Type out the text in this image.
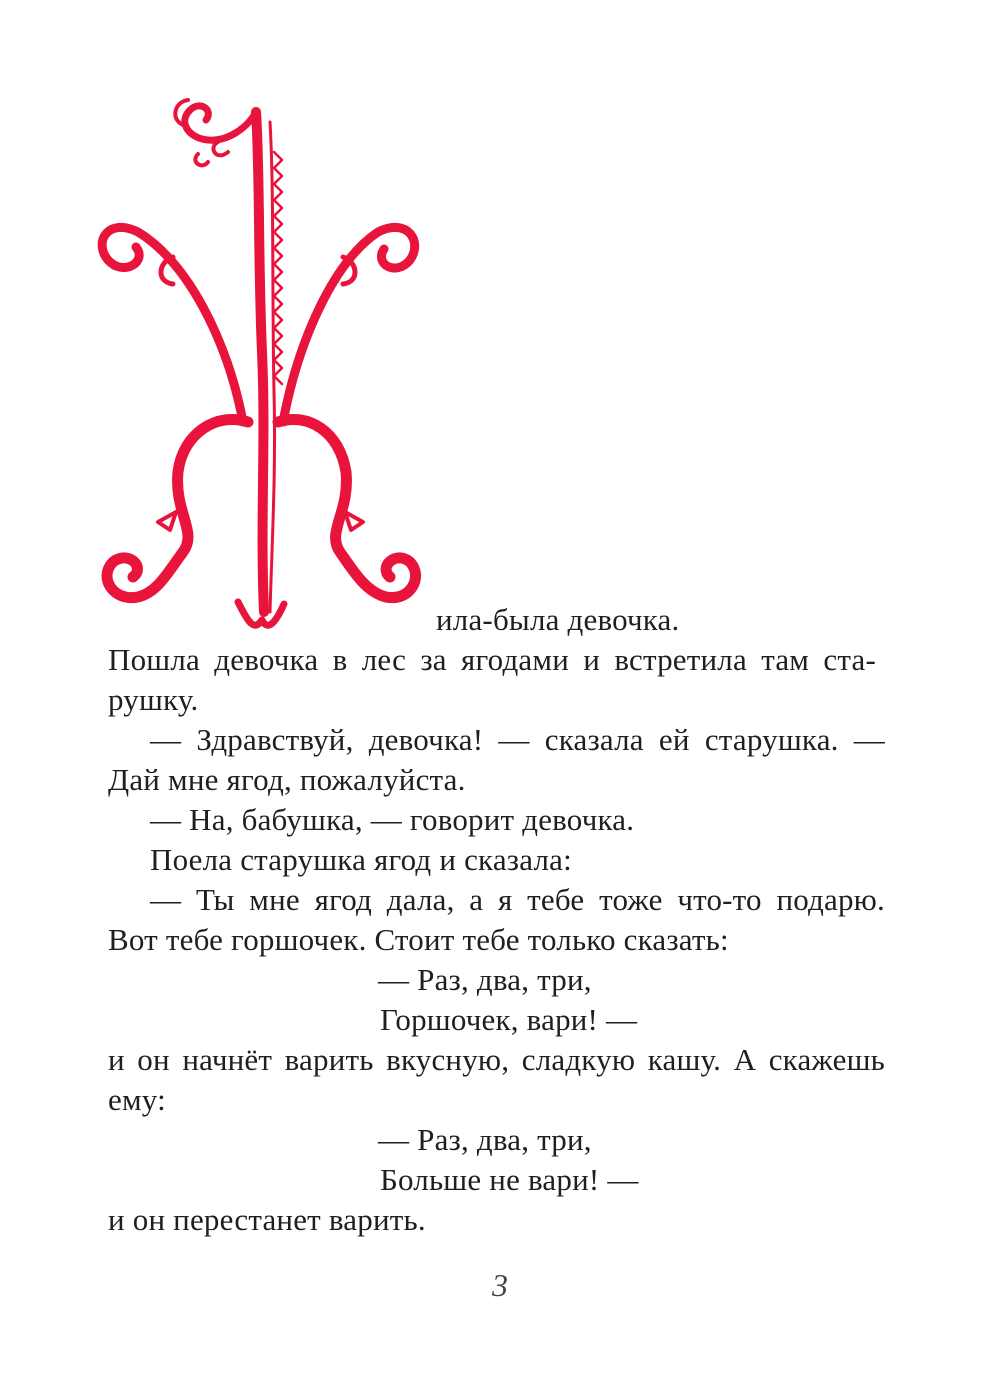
ила-была девочка.
Пошла девочка в лес за ягодами и встретила там ста-
рушку.
— Здравствуй, девочка! — сказала ей старушка. —
Дай мне ягод, пожалуйста.
— На, бабушка, — говорит девочка.
Поела старушка ягод и сказала:
— Ты мне ягод дала, а я тебе тоже что-то подарю.
Вот тебе горшочек. Стоит тебе только сказать:
— Раз, два, три,
Горшочек, вари! —
и он начнёт варить вкусную, сладкую кашу. А скажешь
ему:
— Раз, два, три,
Больше не вари! —
и он перестанет варить.
3
